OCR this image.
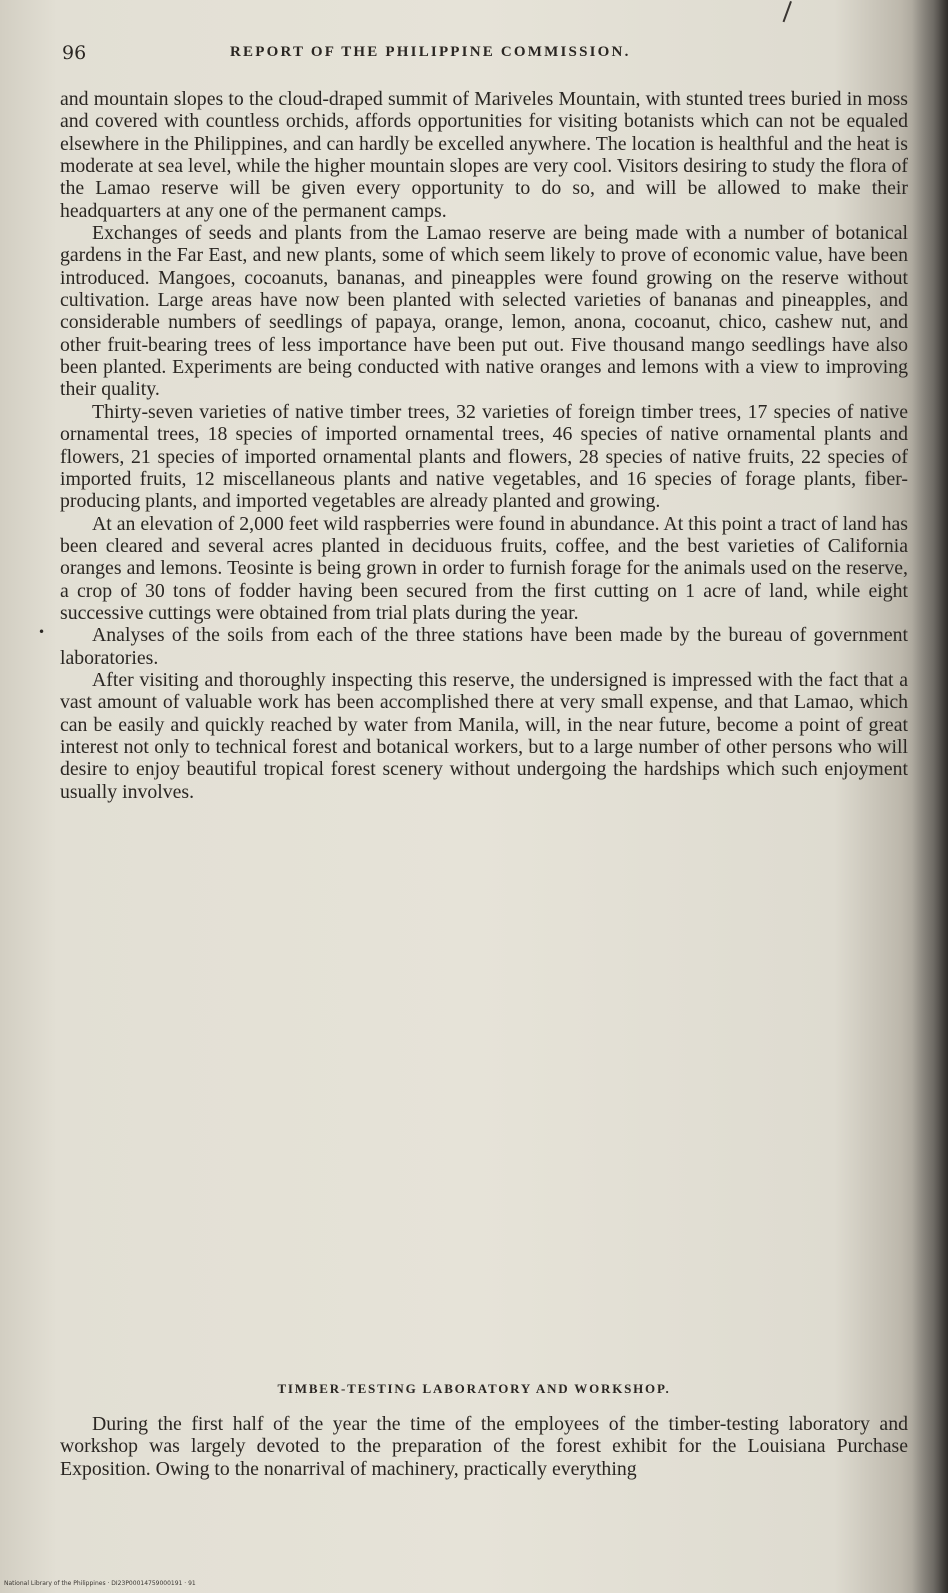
96	REPORT OF THE PHILIPPINE COMMISSION.
•

and mountain slopes to the cloud-draped summit of Mariveles Mountain, with stunted trees buried in moss and covered with countless orchids, affords opportunities for visiting botanists which can not be equaled elsewhere in the Philippines, and can hardly be excelled anywhere. The location is healthful and the heat is moderate at sea level, while the higher mountain slopes are very cool. Visitors desiring to study the flora of the Lamao reserve will be given every opportunity to do so, and will be allowed to make their headquarters at any one of the permanent camps.

Exchanges of seeds and plants from the Lamao reserve are being made with a number of botanical gardens in the Far East, and new plants, some of which seem likely to prove of economic value, have been introduced. Mangoes, cocoanuts, bananas, and pineapples were found growing on the reserve without cultivation. Large areas have now been planted with selected varieties of bananas and pineapples, and considerable numbers of seedlings of papaya, orange, lemon, anona, cocoanut, chico, cashew nut, and other fruit-bearing trees of less importance have been put out. Five thousand mango seedlings have also been planted. Experiments are being conducted with native oranges and lemons with a view to improving their quality.

Thirty-seven varieties of native timber trees, 32 varieties of foreign timber trees, 17 species of native ornamental trees, 18 species of imported ornamental trees, 46 species of native ornamental plants and flowers, 21 species of imported ornamental plants and flowers, 28 species of native fruits, 22 species of imported fruits, 12 miscellaneous plants and native vegetables, and 16 species of forage plants, fiber-producing plants, and imported vegetables are already planted and growing.

At an elevation of 2,000 feet wild raspberries were found in abundance. At this point a tract of land has been cleared and several acres planted in deciduous fruits, coffee, and the best varieties of California oranges and lemons. Teosinte is being grown in order to furnish forage for the animals used on the reserve, a crop of 30 tons of fodder having been secured from the first cutting on 1 acre of land, while eight successive cuttings were obtained from trial plats during the year.

Analyses of the soils from each of the three stations have been made by the bureau of government laboratories.

After visiting and thoroughly inspecting this reserve, the undersigned is impressed with the fact that a vast amount of valuable work has been accomplished there at very small expense, and that Lamao, which can be easily and quickly reached by water from Manila, will, in the near future, become a point of great interest not only to technical forest and botanical workers, but to a large number of other persons who will desire to enjoy beautiful tropical forest scenery without undergoing the hardships which such enjoyment usually involves.

TIMBER-TESTING LABORATORY AND WORKSHOP.

During the first half of the year the time of the employees of the timber-testing laboratory and workshop was largely devoted to the preparation of the forest exhibit for the Louisiana Purchase Exposition. Owing to the nonarrival of machinery, practically everything

National Library of the Philippines · DI23P00014759000191 · 91
